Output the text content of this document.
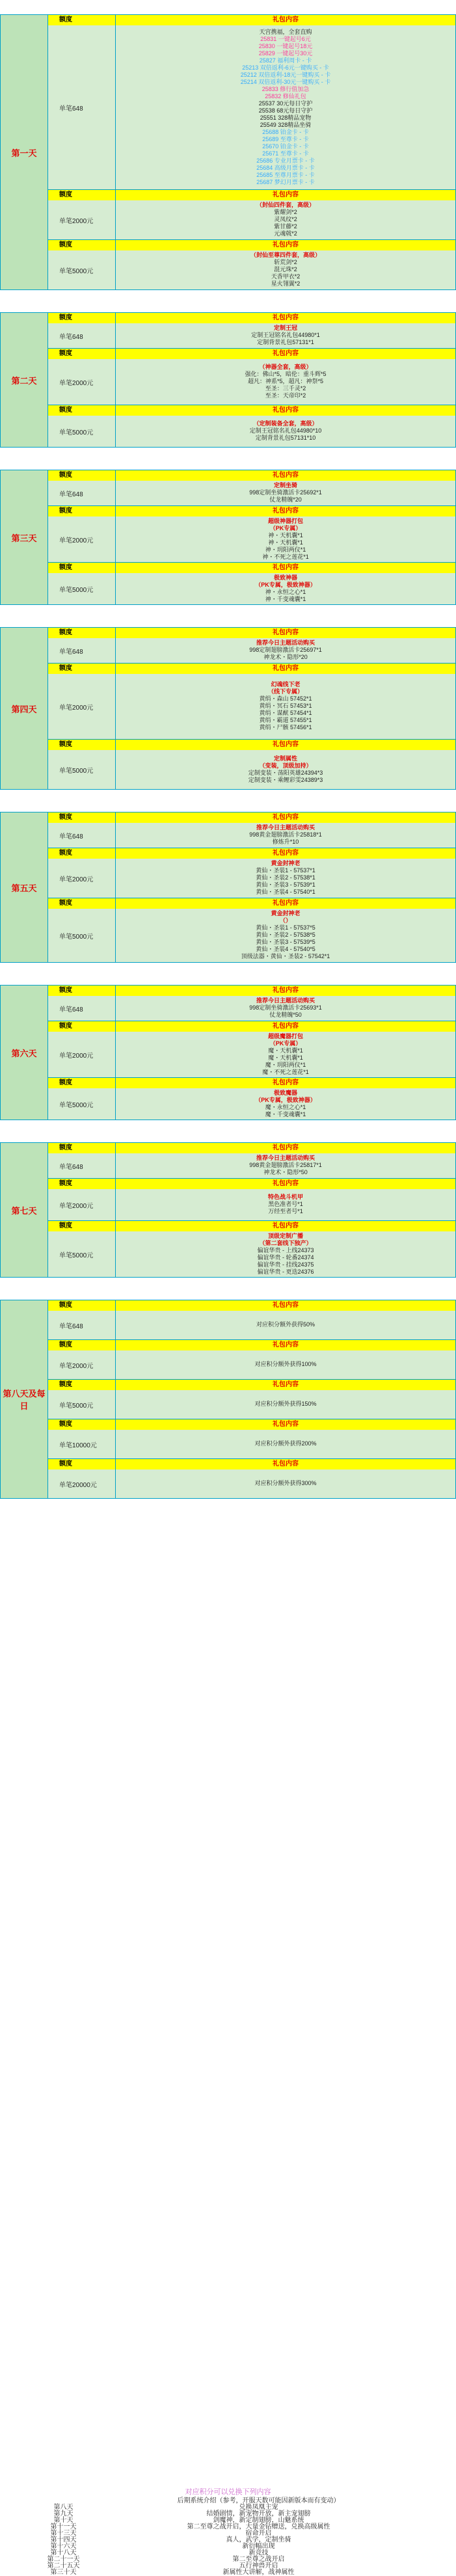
第一天
额度	礼包内容
单笔648
天宫携福，全套直购
25831 一键起号6元
25830 一键起号18元
25829 一键起号30元
25827 福利周卡 - 卡
25213 双倍返利-6元一键购买 - 卡
25212 双倍返利-18元一键购买 - 卡
25214 双倍返利-30元一键购买 - 卡
25833 修行值加急
25832 修仙礼包
25537 30元每日守护
25538 68元每日守护
25551 328精品宠物
25549 328精品坐骑
25688 铂金卡 - 卡
25689 至尊卡 - 卡
25670 铂金卡 - 卡
25671 至尊卡 - 卡
25686 专业月票卡 - 卡
25684 高级月票卡 - 卡
25685 至尊月票卡 - 卡
25687 梦幻月票卡 - 卡
额度	礼包内容
单笔2000元
（封仙四件套，高级）
紫耀剑*2
灵凤纹*2
紫甘藤*2
元魂戟*2
额度	礼包内容
单笔5000元
（封仙至尊四件套，高级）
斩荒剑*2
混元珠*2
天香甲衣*2
星火翎翼*2
第二天
额度	礼包内容
单笔648
定制王冠
定制王冠铭名礼包44980*1
定制背景礼包57131*1
额度	礼包内容
单笔2000元
（神器全套，高级）
强化：佛山*5，暗伦：重斗辉*5
超凡：神系*5，超凡：神祭*5
至圣：三千灵*2
至圣：天帝印*2
额度	礼包内容
单笔5000元
（定制装备全套，高级）
定制王冠铭名礼包44980*10
定制背景礼包57131*10
第三天
额度	礼包内容
单笔648
定制坐骑
998定制坐骑激活卡25692*1
仗龙精魄*20
额度	礼包内容
单笔2000元
超级神器打包
（PK专属）
神・天机囊*1
神・天机囊*1
神・玥阳两仪*1
神・不死之莲花*1
额度	礼包内容
单笔5000元
极致神器
（PK专属，极致神器）
神・永恒之心*1
神・千变魂囊*1
第四天
额度	礼包内容
单笔648
推荐今日主题活动购买
998定制翅膀激活卡25697*1
神龙术・隐形*20
额度	礼包内容
单笔2000元
幻魂线下老
（线下专属）
黄绢・森山 57452*1
黄绢・冥石 57453*1
黄绢・谋猷 57454*1
黄绢・霸道 57455*1
黄绢・尸骸 57456*1
额度	礼包内容
单笔5000元
定制属性
（变装，顶级加持）
定制变装・荡阳英雄24394*3
定制变装・乘鲤彩雯24389*3
第五天
额度	礼包内容
单笔648
推荐今日主题活动购买
998黄金翅膀激活卡25818*1
修炼升*10
额度	礼包内容
单笔2000元
黄金封神老
黄仙・圣装1 - 57537*1
黄仙・圣装2 - 57538*1
黄仙・圣装3 - 57539*1
黄仙・圣装4 - 57540*1
额度	礼包内容
单笔5000元
黄金封神老
（）
黄仙・圣装1 - 57537*5
黄仙・圣装2 - 57538*5
黄仙・圣装3 - 57539*5
黄仙・圣装4 - 57540*5
顶级法器・黄仙・圣装2 - 57542*1
第六天
额度	礼包内容
单笔648
推荐今日主题活动购买
998定制坐骑激活卡25693*1
仗龙精魄*50
额度	礼包内容
单笔2000元
超级魔器打包
（PK专属）
魔・天机囊*1
魔・天机囊*1
魔・玥阳两仪*1
魔・不死之莲花*1
额度	礼包内容
单笔5000元
极致魔器
（PK专属，极致神器）
魔・永恒之心*1
魔・千变魂囊*1
第七天
额度	礼包内容
单笔648
推荐今日主题活动购买
998黄金翅膀激活卡25817*1
神龙术・隐形*50
额度	礼包内容
单笔2000元
特色战斗机甲
黑色准者号*1
万经至者号*1
额度	礼包内容
单笔5000元
顶级定制广播
（第二套线下独产）
偏谊华贵 - 上线24373
偏谊华贵 - 轮番24374
偏谊华贵 - 挂线24375
偏谊华贵 - 更迭24376
第八天及每日
额度	礼包内容
单笔648	对应积分额外获得50%
额度	礼包内容
单笔2000元	对应积分额外获得100%
额度	礼包内容
单笔5000元	对应积分额外获得150%
额度	礼包内容
单笔10000元	对应积分额外获得200%
额度	礼包内容
单笔20000元	对应积分额外获得300%
对应积分可以兑换下列内容
后期系统介绍（参考，开服天数可能因新版本而有变动）
第八天	兑换凤凰主宠
第九天	结婚剧情，新宠物开放，新主宠翅膀
第十天	剑魔神，新定制翅膀，山魅系统
第十一天	第二至尊之战开启，大量金钻赠送，兑换高级属性
第十三天	宿命开启
第十四天	真人，武学，定制坐骑
第十六天	新衍幅出现
第十八天	新竞技
第二十一天	第二至尊之战开启
第二十五天	五行神兽开启
第三十天	新属性大讲解，战神属性
